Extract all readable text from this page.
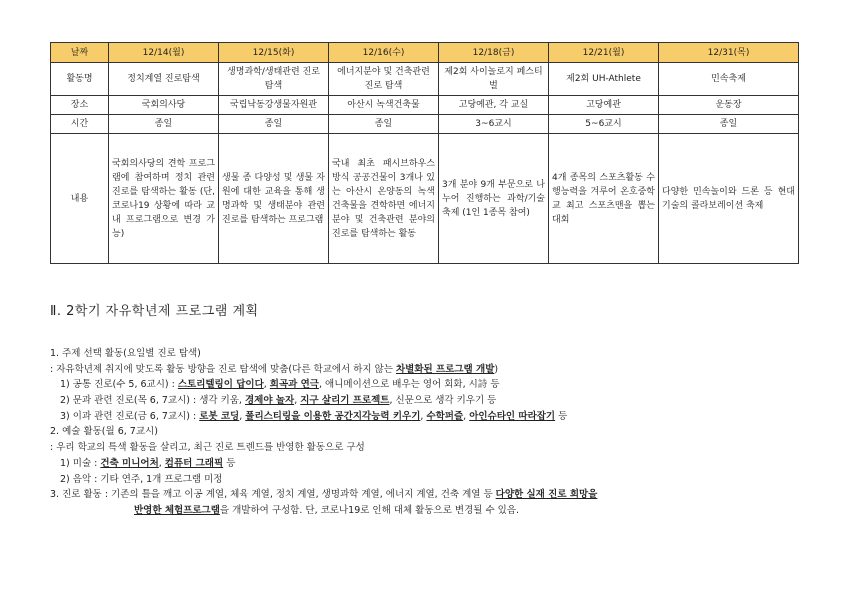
날짜	12/14(월)	12/15(화)	12/16(수)	12/18(금)	12/21(월)	12/31(목)
활동명	정치계열 진로탐색	생명과학/생태관련 진로 탐색	에너지분야 및 건축관련 진로 탐색	제2회 사이놀로지 페스티벌	제2회 UH-Athlete	민속축제
장소	국회의사당	국립낙동강생물자원관	아산시 녹색건축물	고당예관, 각 교실	고당예관	운동장
시간	종일	종일	종일	3~6교시	5~6교시	종일
내용	국회의사당의 견학 프로그램에 참여하며 정치 관련 진로를 탐색하는 활동 (단, 코로나19 상황에 따라 교내 프로그램으로 변경 가능)	생물 종 다양성 및 생물 자원에 대한 교육을 통해 생명과학 및 생태분야 관련 진로를 탐색하는 프로그램	국내 최초 패시브하우스 방식 공공건물이 3개나 있는 아산시 온양동의 녹색건축물을 견학하면 에너지분야 및 건축관련 분야의 진로를 탐색하는 활동	3개 분야 9개 부문으로 나누어 진행하는 과학/기술 축제 (1인 1종목 참여)	4개 종목의 스포츠활동 수행능력을 겨루어 온호중학교 최고 스포츠맨을 뽑는 대회	다양한 민속놀이와 드론 등 현대 기술의 콜라보레이션 축제
Ⅱ. 2학기 자유학년제 프로그램 계획
1. 주제 선택 활동(요일별 진로 탐색)
: 자유학년제 취지에 맞도록 활동 방향을 진로 탐색에 맞춤(다른 학교에서 하지 않는 차별화된 프로그램 개발)
1) 공통 진로(수 5, 6교시) : 스토리텔링이 답이다, 희곡과 연극, 애니메이션으로 배우는 영어 회화, 시詩 등
2) 문과 관련 진로(목 6, 7교시) : 생각 키움, 경제야 놀자, 지구 살리기 프로젝트, 신문으로 생각 키우기 등
3) 이과 관련 진로(금 6, 7교시) : 로봇 코딩, 폴리스티링을 이용한 공간지각능력 키우기, 수학퍼즐, 아인슈타인 따라잡기 등
2. 예술 활동(월 6, 7교시)
: 우리 학교의 특색 활동을 살리고, 최근 진로 트렌드를 반영한 활동으로 구성
1) 미술 : 건축 미니어처, 컴퓨터 그래픽 등
2) 음악 : 기타 연주, 1개 프로그램 미정
3. 진로 활동 : 기존의 틀을 깨고 이공 계열, 체육 계열, 정치 계열, 생명과학 계열, 에너지 계열, 건축 계열 등 다양한 실재 진로 희망을
반영한 체험프로그램을 개발하여 구성함. 단, 코로나19로 인해 대체 활동으로 변경될 수 있음.
